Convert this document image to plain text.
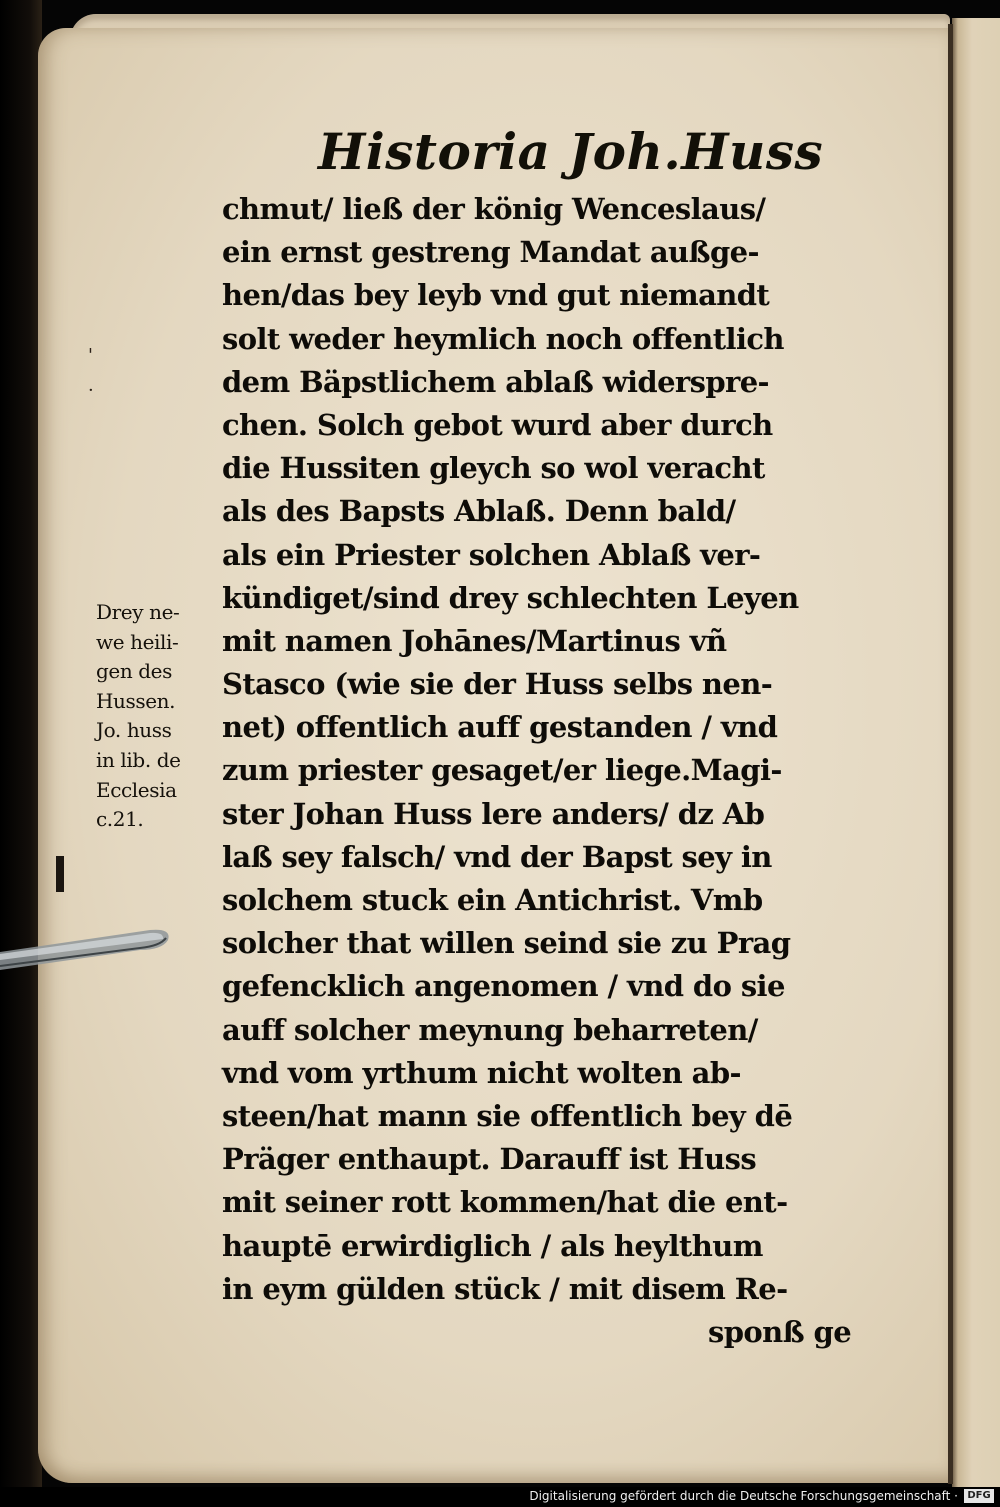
'
·
Historia Joh.Huss
chmut/ ließ der könig Wenceslaus/
ein ernst gestreng Mandat außge-
hen/das bey leyb vnd gut niemandt
solt weder heymlich noch offentlich
dem Bäpstlichem ablaß widersprе-
chen. Solch gebot wurd aber durch
die Hussiten gleych so wol veracht
als des Bapsts Ablaß. Denn bald/
als ein Priester solchen Ablaß ver-
kündiget/sind drey schlechten Leyen
mit namen Johānes/Martinus vñ
Stasco (wie sie der Huss selbs nen-
net) offentlich auff gestanden / vnd
zum priester gesaget/er liege.Magi-
ster Johan Huss lere anders/ dz Ab
laß sey falsch/ vnd der Bapst sey in
solchem stuck ein Antichrist. Vmb
solcher that willen seind sie zu Prag
gefencklich angenomen / vnd do sie
auff solcher meynung beharreten/
vnd vom yrthum nicht wolten ab-
steen/hat mann sie offentlich bey dē
Präger enthaupt. Darauff ist Huss
mit seiner rott kommen/hat die ent-
hauptē erwirdiglich / als heylthum
in eym gülden stück / mit disem Re-
sponß ge
Drey ne-
we heili-
gen des
Hussen.
Jo. huss
in lib. de
Ecclesia
c.21.
Digitalisierung gefördert durch die Deutsche Forschungsgemeinschaft · DFG
